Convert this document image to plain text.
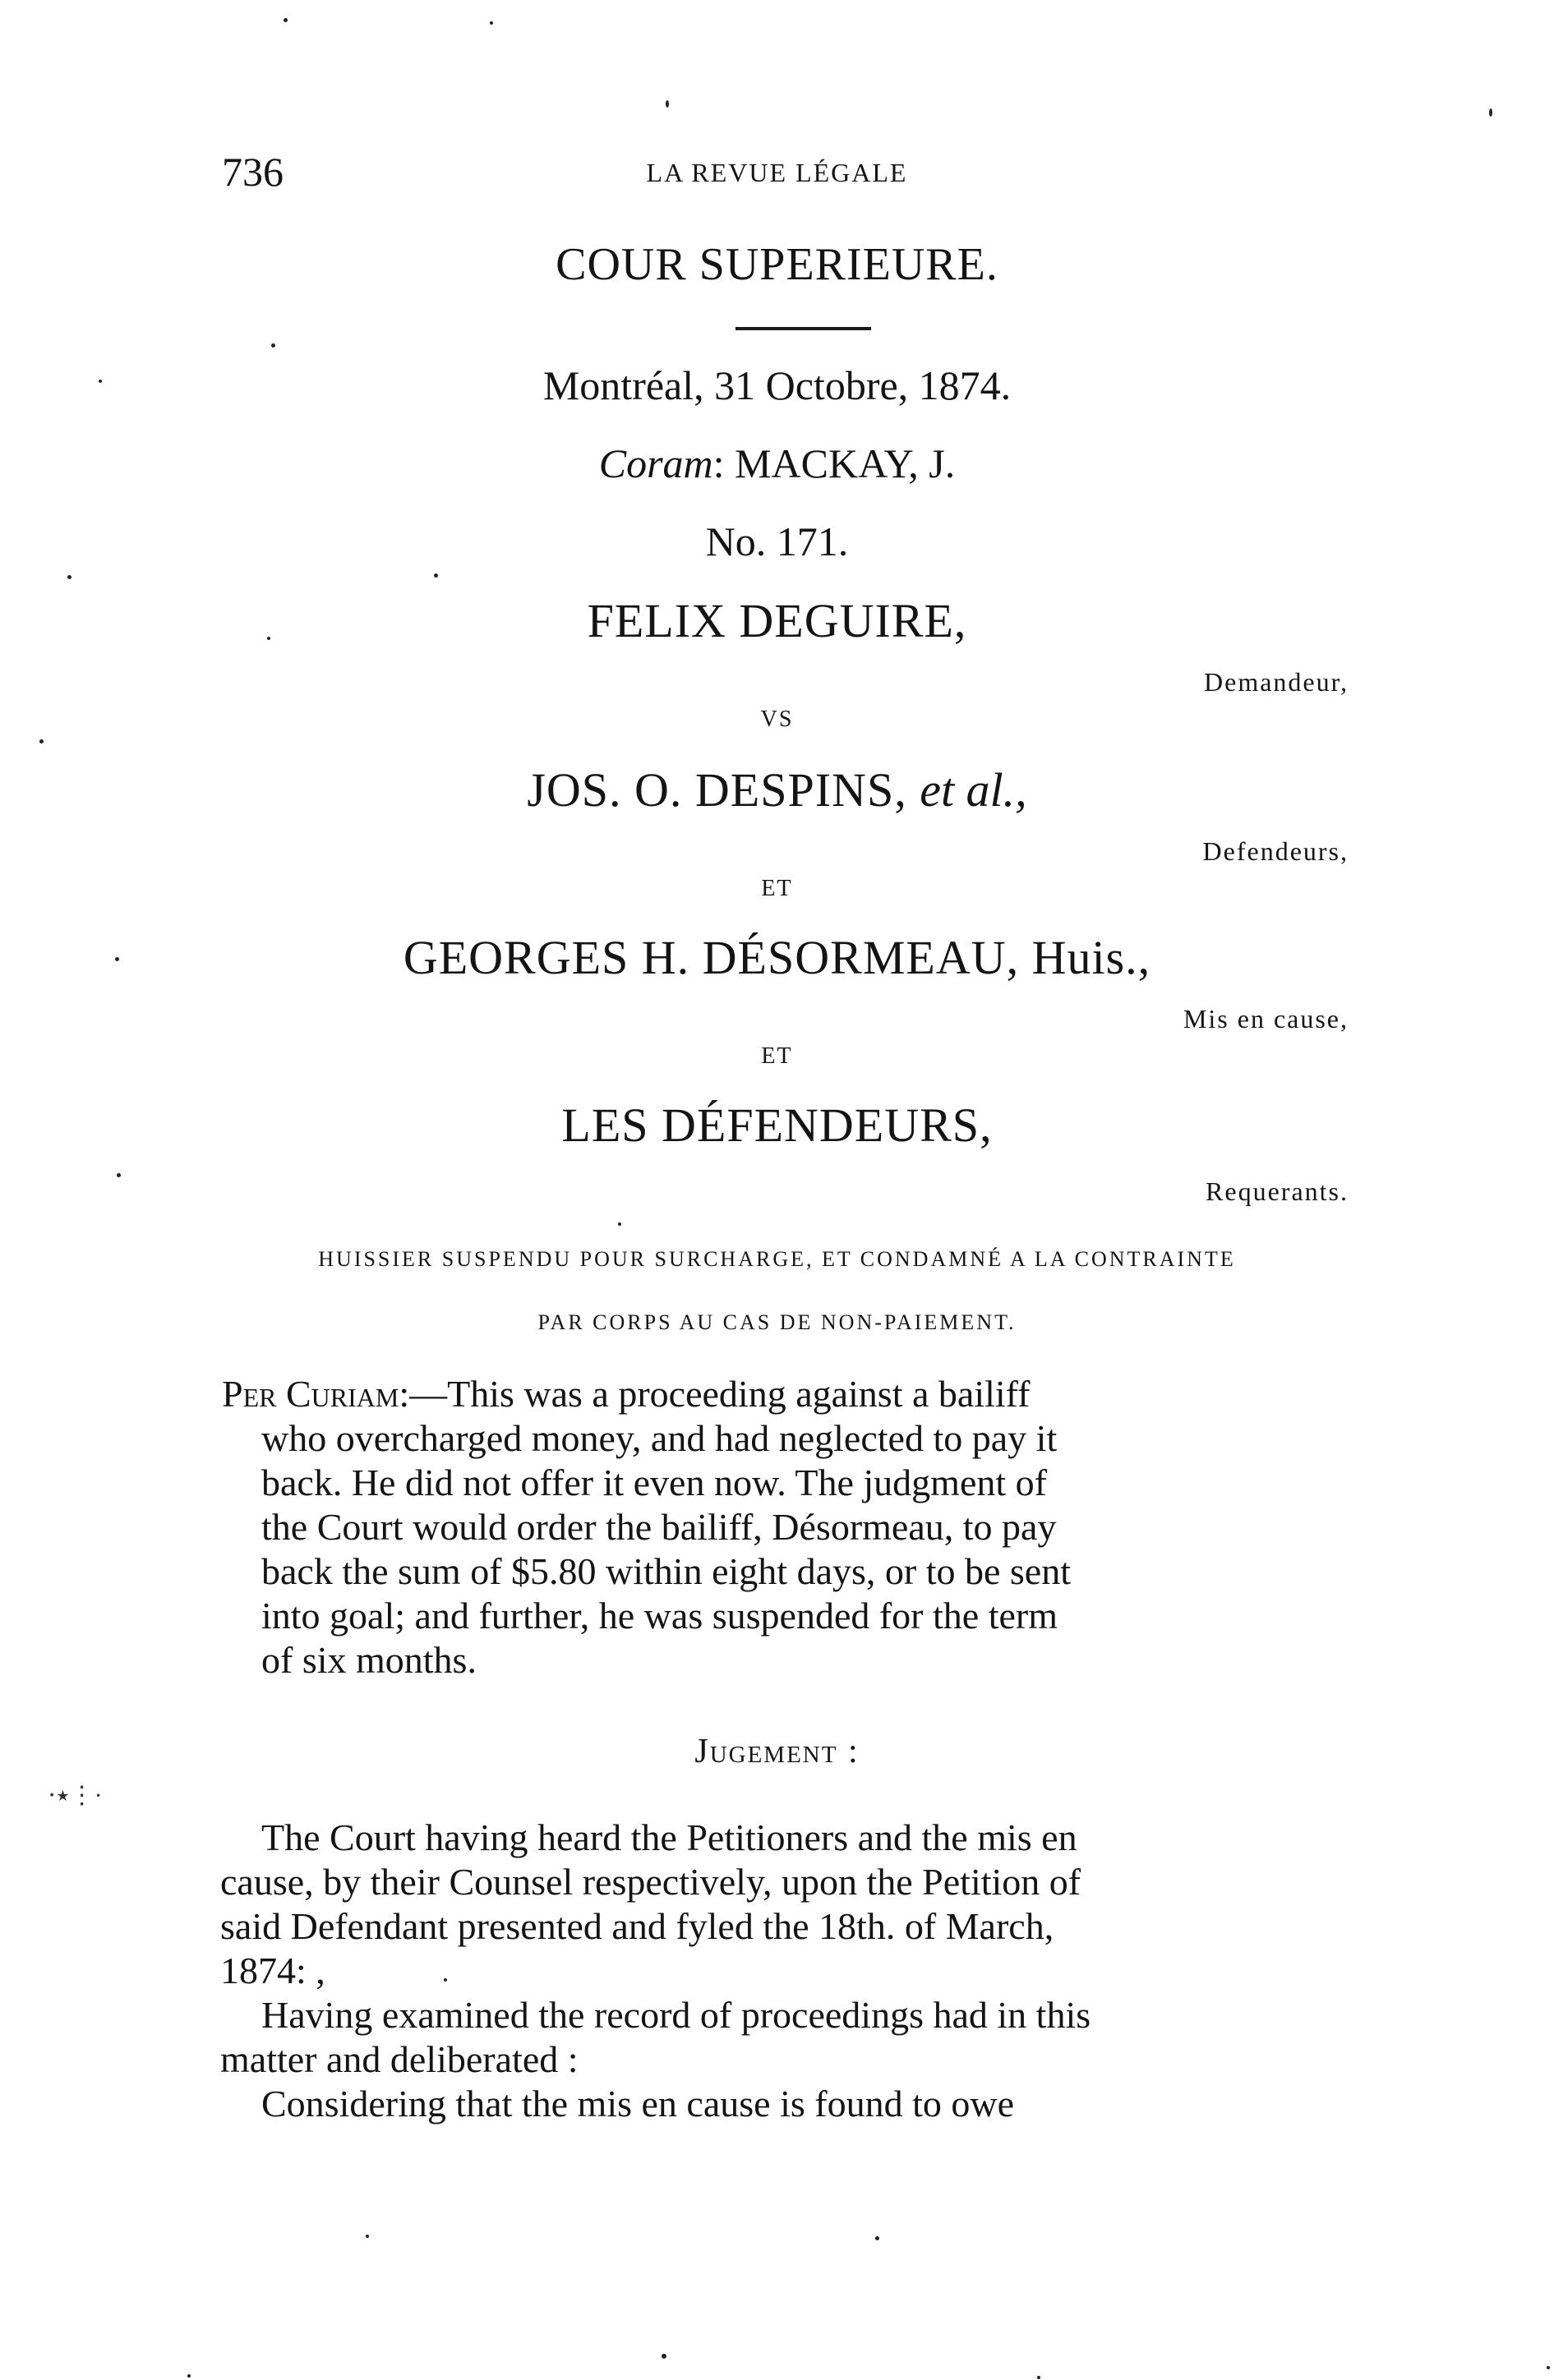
736	LA REVUE LÉGALE
COUR SUPERIEURE.
Montréal, 31 Octobre, 1874.
Coram: MACKAY, J.
No. 171.
FELIX DEGUIRE,
Demandeur,
VS
JOS. O. DESPINS, et al.,
Defendeurs,
ET
GEORGES H. DÉSORMEAU, Huis.,
Mis en cause,
ET
LES DÉFENDEURS,
Requerants.
HUISSIER SUSPENDU POUR SURCHARGE, ET CONDAMNÉ A LA CONTRAINTE
PAR CORPS AU CAS DE NON-PAIEMENT.
Per Curiam:—This was a proceeding against a bailiff
who overcharged money, and had neglected to pay it
back. He did not offer it even now. The judgment of
the Court would order the bailiff, Désormeau, to pay
back the sum of $5.80 within eight days, or to be sent
into goal; and further, he was suspended for the term
of six months.
Jugement :
The Court having heard the Petitioners and the mis en
cause, by their Counsel respectively, upon the Petition of
said Defendant presented and fyled the 18th. of March,
1874: ,
Having examined the record of proceedings had in this
matter and deliberated :
Considering that the mis en cause is found to owe
⋅٭⋮·
